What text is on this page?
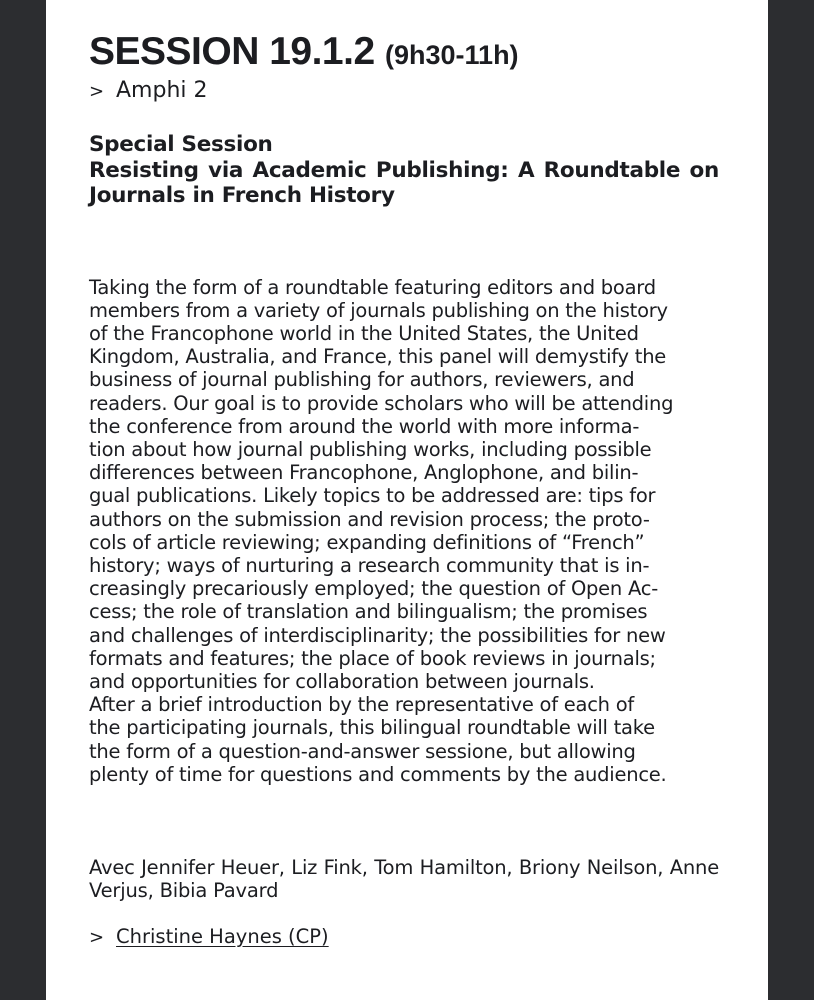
SESSION 19.1.2 (9h30-11h)
> Amphi 2
Special Session
Resisting via Academic Publishing: A Roundtable on Journals in French History

Taking the form of a roundtable featuring editors and board

members from a variety of journals publishing on the history

of the Francophone world in the United States, the United

Kingdom, Australia, and France, this panel will demystify the

business of journal publishing for authors, reviewers, and

readers. Our goal is to provide scholars who will be attending

the conference from around the world with more informa-

tion about how journal publishing works, including possible

differences between Francophone, Anglophone, and bilin-

gual publications. Likely topics to be addressed are: tips for

authors on the submission and revision process; the proto-

cols of article reviewing; expanding definitions of “French”

history; ways of nurturing a research community that is in-

creasingly precariously employed; the question of Open Ac-

cess; the role of translation and bilingualism; the promises

and challenges of interdisciplinarity; the possibilities for new

formats and features; the place of book reviews in journals;

and opportunities for collaboration between journals.

After a brief introduction by the representative of each of

the participating journals, this bilingual roundtable will take

the form of a question-and-answer sessione, but allowing

plenty of time for questions and comments by the audience.

Avec Jennifer Heuer, Liz Fink, Tom Hamilton, Briony Neilson, Anne Verjus, Bibia Pavard
> Christine Haynes (CP)
